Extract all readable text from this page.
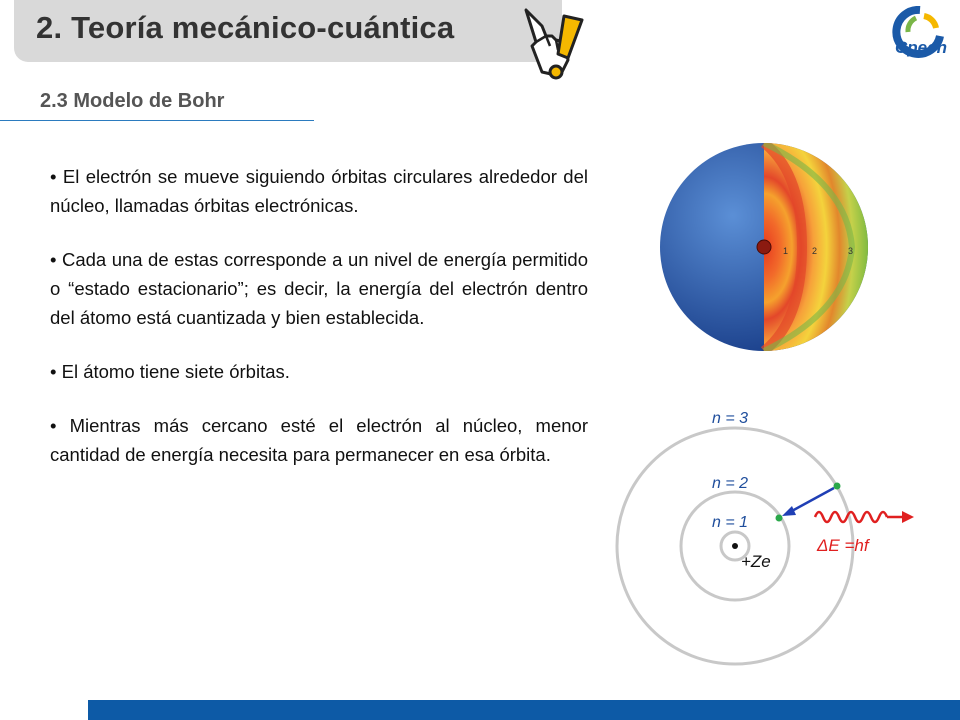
2. Teoría mecánico-cuántica
Cpech
2.3 Modelo de Bohr

• El electrón se mueve siguiendo órbitas circulares alrededor del núcleo, llamadas órbitas electrónicas.

• Cada una de estas corresponde a un nivel de energía permitido o “estado estacionario”; es decir, la energía del electrón dentro del átomo está cuantizada y bien establecida.

• El átomo tiene siete órbitas.

• Mientras más cercano esté el electrón al núcleo, menor cantidad de energía necesita para permanecer en esa órbita.

1	2	3
n = 3
n = 2
n = 1
+Ze
ΔE =hf
